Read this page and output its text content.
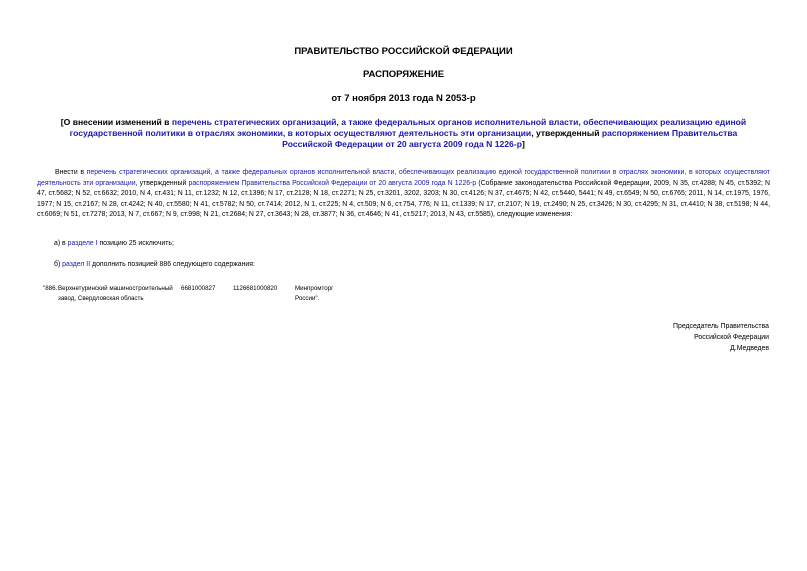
ПРАВИТЕЛЬСТВО РОССИЙСКОЙ ФЕДЕРАЦИИ
РАСПОРЯЖЕНИЕ
от 7 ноября 2013 года N 2053-р
[О внесении изменений в перечень стратегических организаций, а также федеральных органов исполнительной власти, обеспечивающих реализацию единой государственной политики в отраслях экономики, в которых осуществляют деятельность эти организации, утвержденный распоряжением Правительства Российской Федерации от 20 августа 2009 года N 1226-р]
Внести в перечень стратегических организаций, а также федеральных органов исполнительной власти, обеспечивающих реализацию единой государственной политики в отраслях экономики, в которых осуществляют деятельность эти организации, утвержденный распоряжением Правительства Российской Федерации от 20 августа 2009 года N 1226-р (Собрание законодательства Российской Федерации, 2009, N 35, ст.4288; N 45, ст.5392; N 47, ст.5682; N 52, ст.6632; 2010, N 4, ст.431; N 11, ст.1232; N 12, ст.1396; N 17, ст.2128; N 18, ст.2271; N 25, ст.3201, 3202, 3203; N 30, ст.4126; N 37, ст.4675; N 42, ст.5440, 5441; N 49, ст.6549; N 50, ст.6765; 2011, N 14, ст.1975, 1976, 1977; N 15, ст.2167; N 28, ст.4242; N 40, ст.5580; N 41, ст.5782; N 50, ст.7414; 2012, N 1, ст.225; N 4, ст.509; N 6, ст.754, 776; N 11, ст.1339; N 17, ст.2107; N 19, ст.2490; N 25, ст.3426; N 30, ст.4295; N 31, ст.4410; N 38, ст.5198; N 44, ст.6069; N 51, ст.7278; 2013, N 7, ст.667; N 9, ст.998; N 21, ст.2684; N 27, ст.3643; N 28, ст.3877; N 36, ст.4646; N 41, ст.5217; 2013, N 43, ст.5585), следующие изменения:
а) в разделе I позицию 25 исключить;
б) раздел II дополнить позицией 886 следующего содержания:
"886. Верхнетуринский машиностроительный завод, Свердловская область
6681000827	1126681000820	Минпромторг России".
Председатель Правительства
Российской Федерации
Д.Медведев
